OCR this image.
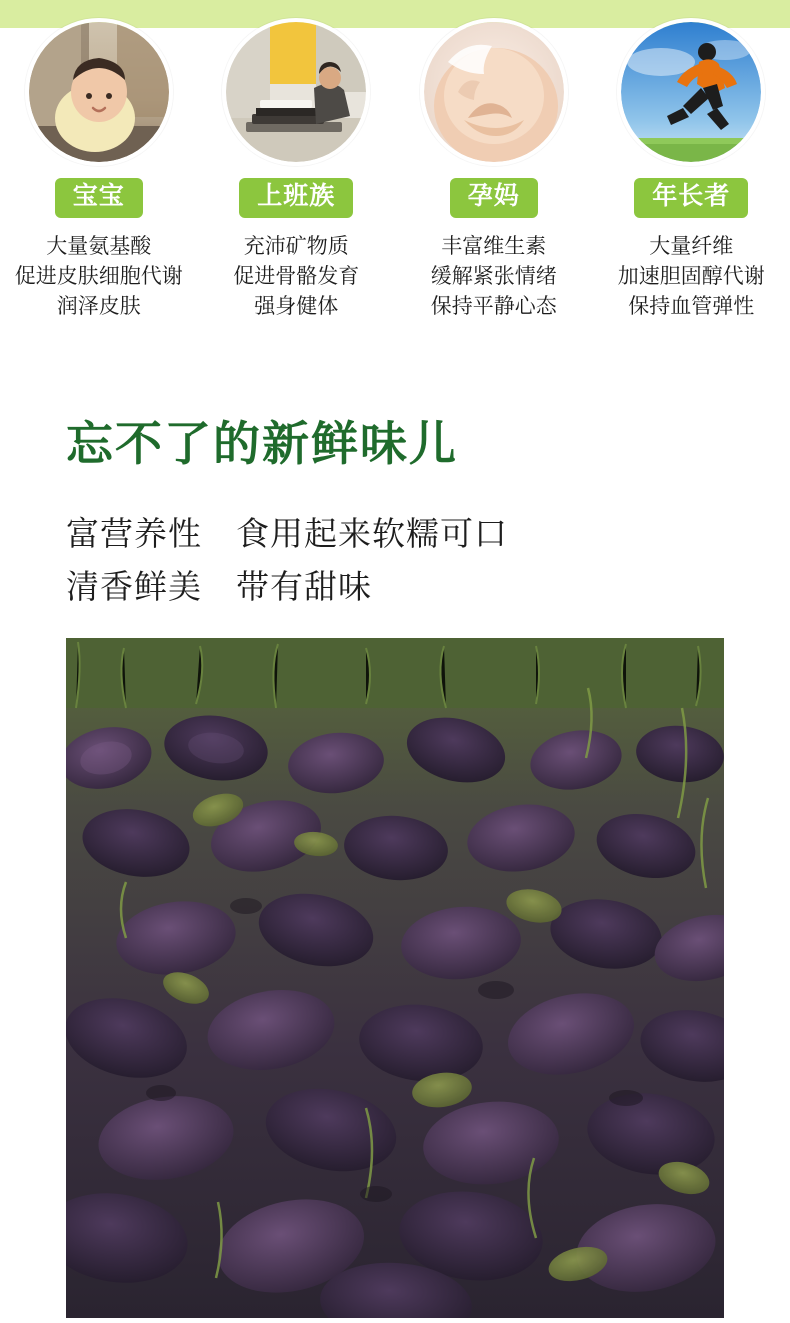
宝宝
大量氨基酸
促进皮肤细胞代谢
润泽皮肤
上班族
充沛矿物质
促进骨骼发育
强身健体
孕妈
丰富维生素
缓解紧张情绪
保持平静心态
年长者
大量纤维
加速胆固醇代谢
保持血管弹性
忘不了的新鲜味儿
富营养性　食用起来软糯可口
清香鲜美　带有甜味
